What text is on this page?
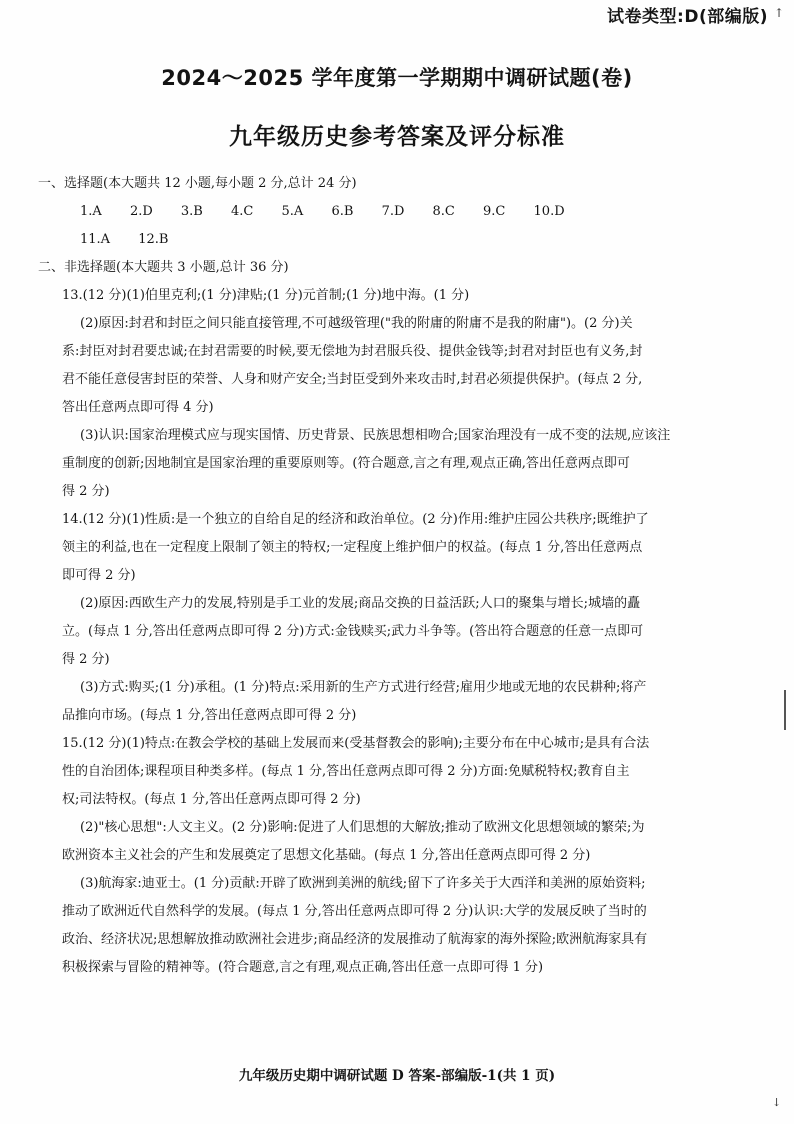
试卷类型:D(部编版) ↑
2024～2025 学年度第一学期期中调研试题(卷)
九年级历史参考答案及评分标准
一、选择题(本大题共 12 小题,每小题 2 分,总计 24 分)
1.A 2.D 3.B 4.C 5.A 6.B 7.D 8.C 9.C 10.D
11.A 12.B
二、非选择题(本大题共 3 小题,总计 36 分)
13.(12 分)(1)伯里克利;(1 分)津贴;(1 分)元首制;(1 分)地中海。(1 分)
(2)原因:封君和封臣之间只能直接管理,不可越级管理("我的附庸的附庸不是我的附庸")。(2 分)关
系:封臣对封君要忠诚;在封君需要的时候,要无偿地为封君服兵役、提供金钱等;封君对封臣也有义务,封
君不能任意侵害封臣的荣誉、人身和财产安全;当封臣受到外来攻击时,封君必须提供保护。(每点 2 分,
答出任意两点即可得 4 分)
(3)认识:国家治理模式应与现实国情、历史背景、民族思想相吻合;国家治理没有一成不变的法规,应该注
重制度的创新;因地制宜是国家治理的重要原则等。(符合题意,言之有理,观点正确,答出任意两点即可
得 2 分)
14.(12 分)(1)性质:是一个独立的自给自足的经济和政治单位。(2 分)作用:维护庄园公共秩序;既维护了
领主的利益,也在一定程度上限制了领主的特权;一定程度上维护佃户的权益。(每点 1 分,答出任意两点
即可得 2 分)
(2)原因:西欧生产力的发展,特别是手工业的发展;商品交换的日益活跃;人口的聚集与增长;城墙的矗
立。(每点 1 分,答出任意两点即可得 2 分)方式:金钱赎买;武力斗争等。(答出符合题意的任意一点即可
得 2 分)
(3)方式:购买;(1 分)承租。(1 分)特点:采用新的生产方式进行经营;雇用少地或无地的农民耕种;将产
品推向市场。(每点 1 分,答出任意两点即可得 2 分)
15.(12 分)(1)特点:在教会学校的基础上发展而来(受基督教会的影响);主要分布在中心城市;是具有合法
性的自治团体;课程项目种类多样。(每点 1 分,答出任意两点即可得 2 分)方面:免赋税特权;教育自主
权;司法特权。(每点 1 分,答出任意两点即可得 2 分)
(2)"核心思想":人文主义。(2 分)影响:促进了人们思想的大解放;推动了欧洲文化思想领域的繁荣;为
欧洲资本主义社会的产生和发展奠定了思想文化基础。(每点 1 分,答出任意两点即可得 2 分)
(3)航海家:迪亚士。(1 分)贡献:开辟了欧洲到美洲的航线;留下了许多关于大西洋和美洲的原始资料;
推动了欧洲近代自然科学的发展。(每点 1 分,答出任意两点即可得 2 分)认识:大学的发展反映了当时的
政治、经济状况;思想解放推动欧洲社会进步;商品经济的发展推动了航海家的海外探险;欧洲航海家具有
积极探索与冒险的精神等。(符合题意,言之有理,观点正确,答出任意一点即可得 1 分)
九年级历史期中调研试题 D 答案-部编版-1(共 1 页)
↓
